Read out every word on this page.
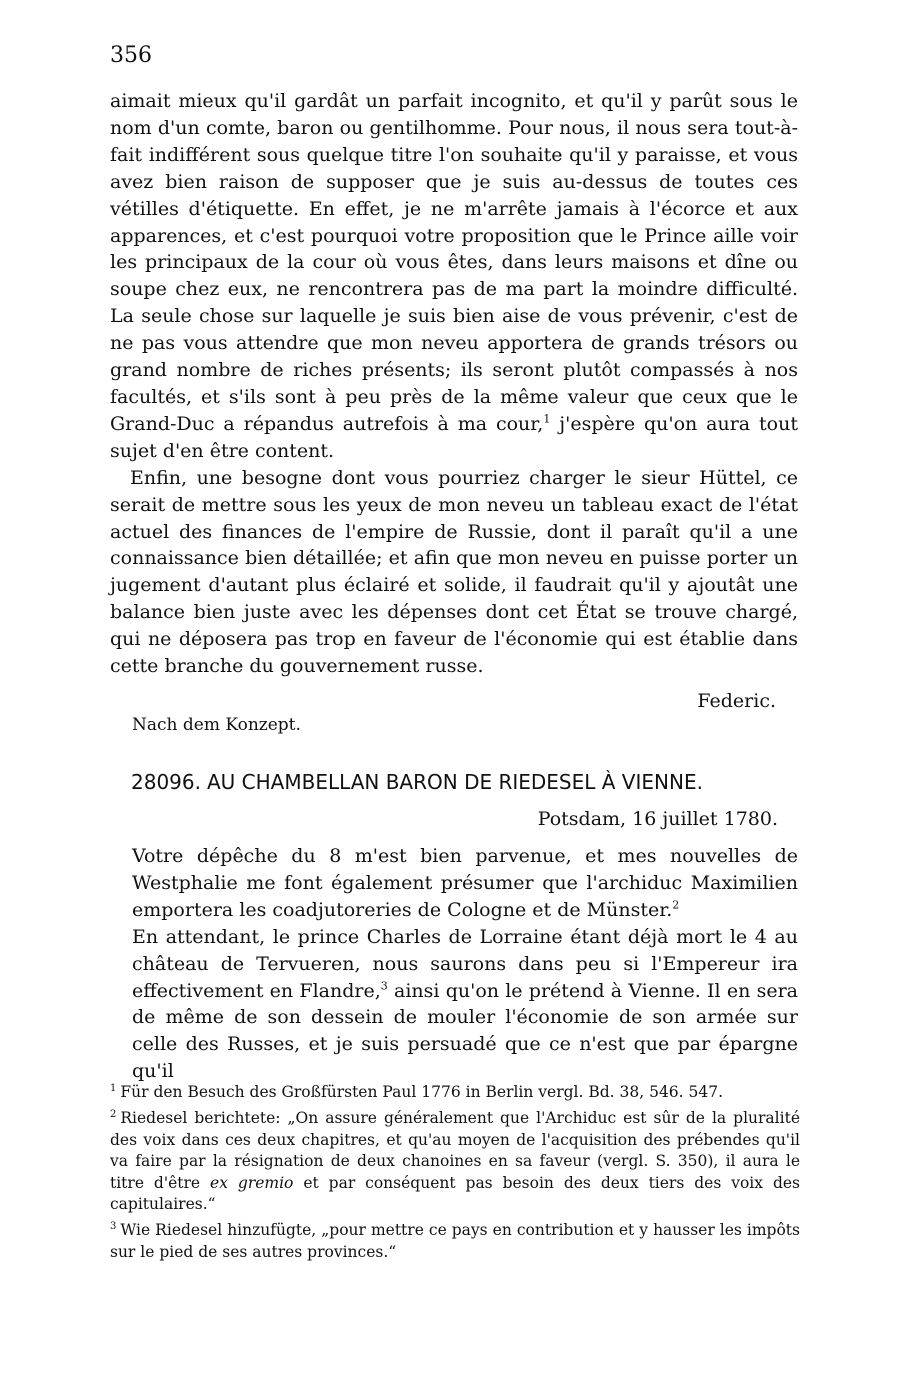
356

aimait mieux qu'il gardât un parfait incognito, et qu'il y parût sous le nom d'un comte, baron ou gentilhomme. Pour nous, il nous sera tout-à-fait indifférent sous quelque titre l'on souhaite qu'il y paraisse, et vous avez bien raison de supposer que je suis au-dessus de toutes ces vétilles d'étiquette. En effet, je ne m'arrête jamais à l'écorce et aux apparences, et c'est pourquoi votre proposition que le Prince aille voir les principaux de la cour où vous êtes, dans leurs maisons et dîne ou soupe chez eux, ne rencontrera pas de ma part la moindre difficulté. La seule chose sur laquelle je suis bien aise de vous prévenir, c'est de ne pas vous attendre que mon neveu apportera de grands trésors ou grand nombre de riches présents; ils seront plutôt compassés à nos facultés, et s'ils sont à peu près de la même valeur que ceux que le Grand-Duc a répandus autrefois à ma cour,$^1$ j'espère qu'on aura tout sujet d'en être content.

Enfin, une besogne dont vous pourriez charger le sieur Hüttel, ce serait de mettre sous les yeux de mon neveu un tableau exact de l'état actuel des finances de l'empire de Russie, dont il paraît qu'il a une connaissance bien détaillée; et afin que mon neveu en puisse porter un jugement d'autant plus éclairé et solide, il faudrait qu'il y ajoutât une balance bien juste avec les dépenses dont cet État se trouve chargé, qui ne déposera pas trop en faveur de l'économie qui est établie dans cette branche du gouvernement russe.

Federic.
Nach dem Konzept.
28096. AU CHAMBELLAN BARON DE RIEDESEL À VIENNE.
Potsdam, 16 juillet 1780.

Votre dépêche du 8 m'est bien parvenue, et mes nouvelles de Westphalie me font également présumer que l'archiduc Maximilien emportera les coadjutoreries de Cologne et de Münster.$^2$

En attendant, le prince Charles de Lorraine étant déjà mort le 4 au château de Tervueren, nous saurons dans peu si l'Empereur ira effectivement en Flandre,$^3$ ainsi qu'on le prétend à Vienne. Il en sera de même de son dessein de mouler l'économie de son armée sur celle des Russes, et je suis persuadé que ce n'est que par épargne qu'il

$^1$ Für den Besuch des Großfürsten Paul 1776 in Berlin vergl. Bd. 38, 546. 547.

$^2$ Riedesel berichtete: „On assure généralement que l'Archiduc est sûr de la pluralité des voix dans ces deux chapitres, et qu'au moyen de l'acquisition des prébendes qu'il va faire par la résignation de deux chanoines en sa faveur (vergl. S. 350), il aura le titre d'être ex gremio et par conséquent pas besoin des deux tiers des voix des capitulaires.“

$^3$ Wie Riedesel hinzufügte, „pour mettre ce pays en contribution et y hausser les impôts sur le pied de ses autres provinces.“
